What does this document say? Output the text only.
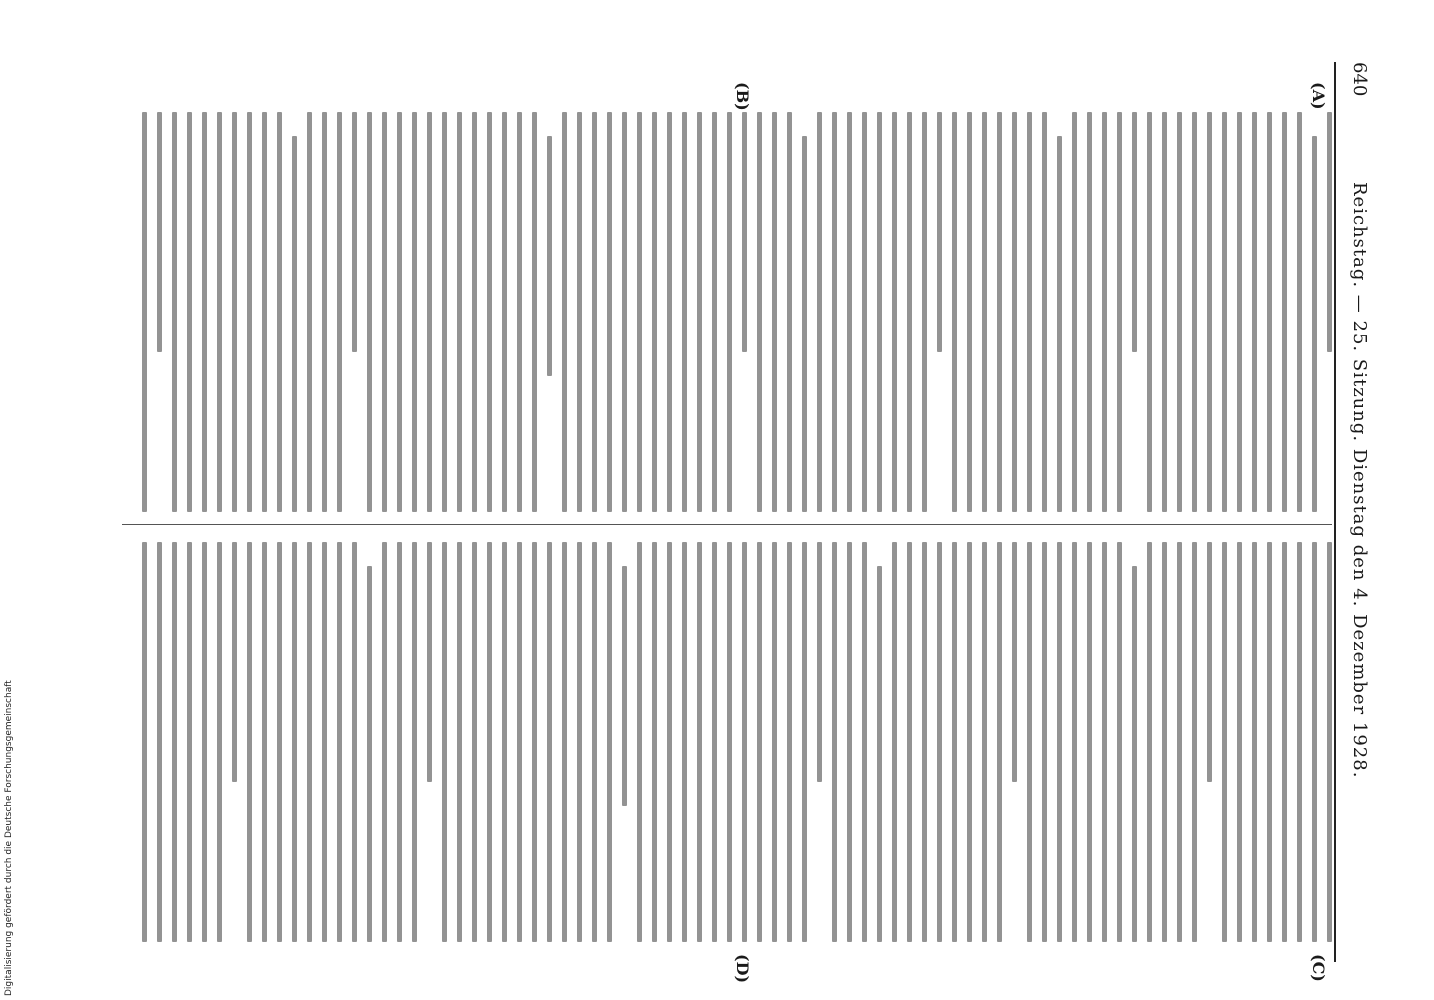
Digitalisierung gefördert durch die Deutsche Forschungsgemeinschaft
640
Reichstag. — 25. Sitzung. Dienstag den 4. Dezember 1928.
(A)
(B)
(C)
(D)
